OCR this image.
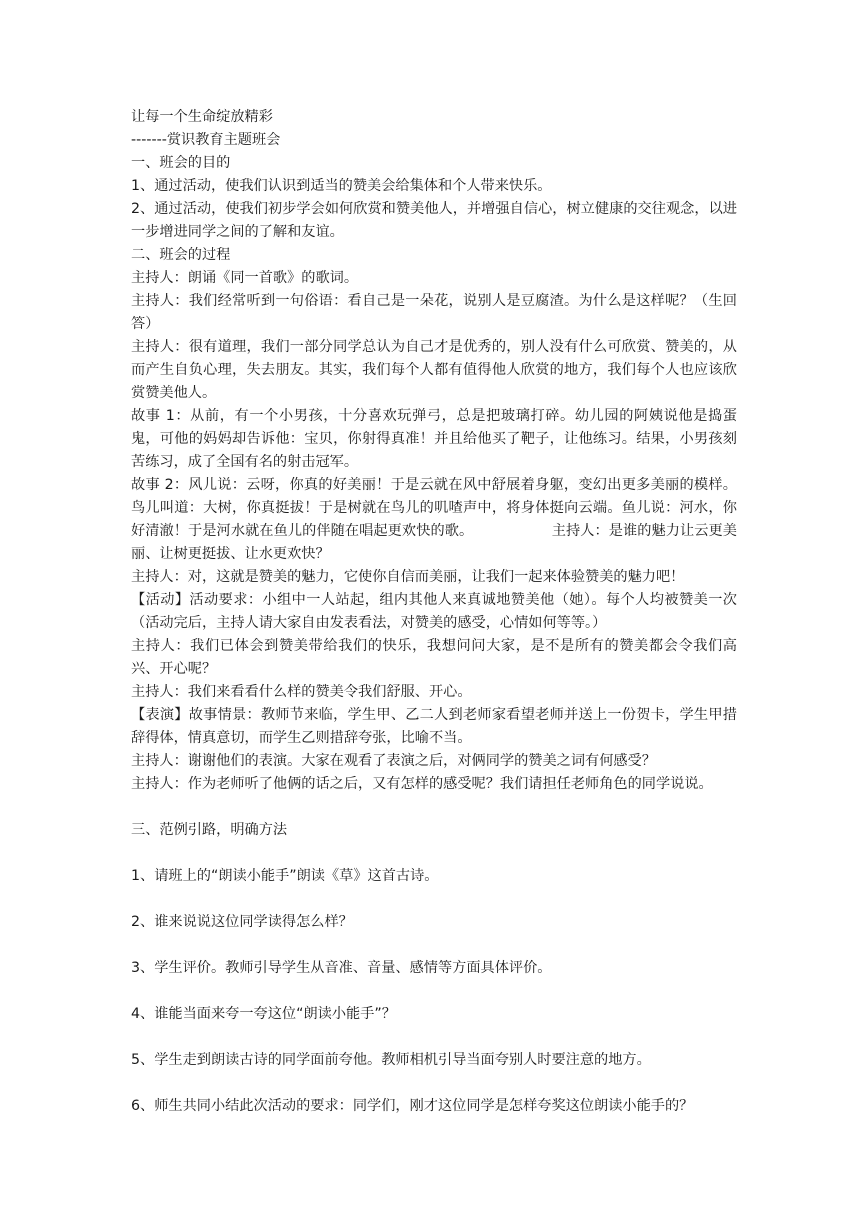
让每一个生命绽放精彩

-------赏识教育主题班会

一、班会的目的

1、通过活动，使我们认识到适当的赞美会给集体和个人带来快乐。

2、通过活动，使我们初步学会如何欣赏和赞美他人，并增强自信心，树立健康的交往观念，以进一步增进同学之间的了解和友谊。

二、班会的过程

主持人：朗诵《同一首歌》的歌词。

主持人：我们经常听到一句俗语：看自己是一朵花，说别人是豆腐渣。为什么是这样呢？（生回答）

主持人：很有道理，我们一部分同学总认为自己才是优秀的，别人没有什么可欣赏、赞美的，从而产生自负心理，失去朋友。其实，我们每个人都有值得他人欣赏的地方，我们每个人也应该欣赏赞美他人。

故事 1：从前，有一个小男孩，十分喜欢玩弹弓，总是把玻璃打碎。幼儿园的阿姨说他是捣蛋鬼，可他的妈妈却告诉他：宝贝，你射得真准！并且给他买了靶子，让他练习。结果，小男孩刻苦练习，成了全国有名的射击冠军。

故事 2：风儿说：云呀，你真的好美丽！于是云就在风中舒展着身躯，变幻出更多美丽的模样。鸟儿叫道：大树，你真挺拔！于是树就在鸟儿的叽喳声中，将身体挺向云端。鱼儿说：河水，你好清澈！于是河水就在鱼儿的伴随在唱起更欢快的歌。　　　　　　主持人：是谁的魅力让云更美丽、让树更挺拔、让水更欢快？

主持人：对，这就是赞美的魅力，它使你自信而美丽，让我们一起来体验赞美的魅力吧！

【活动】活动要求：小组中一人站起，组内其他人来真诚地赞美他（她）。每个人均被赞美一次（活动完后，主持人请大家自由发表看法，对赞美的感受，心情如何等等。）

主持人：我们已体会到赞美带给我们的快乐，我想问问大家，是不是所有的赞美都会令我们高兴、开心呢？

主持人：我们来看看什么样的赞美令我们舒服、开心。

【表演】故事情景：教师节来临，学生甲、乙二人到老师家看望老师并送上一份贺卡，学生甲措辞得体，情真意切，而学生乙则措辞夸张，比喻不当。

主持人：谢谢他们的表演。大家在观看了表演之后，对俩同学的赞美之词有何感受？

主持人：作为老师听了他俩的话之后，又有怎样的感受呢？我们请担任老师角色的同学说说。

三、范例引路，明确方法

1、请班上的“朗读小能手”朗读《草》这首古诗。

2、谁来说说这位同学读得怎么样？

3、学生评价。教师引导学生从音准、音量、感情等方面具体评价。

4、谁能当面来夸一夸这位“朗读小能手”？

5、学生走到朗读古诗的同学面前夸他。教师相机引导当面夸别人时要注意的地方。

6、师生共同小结此次活动的要求：同学们，刚才这位同学是怎样夸奖这位朗读小能手的？
